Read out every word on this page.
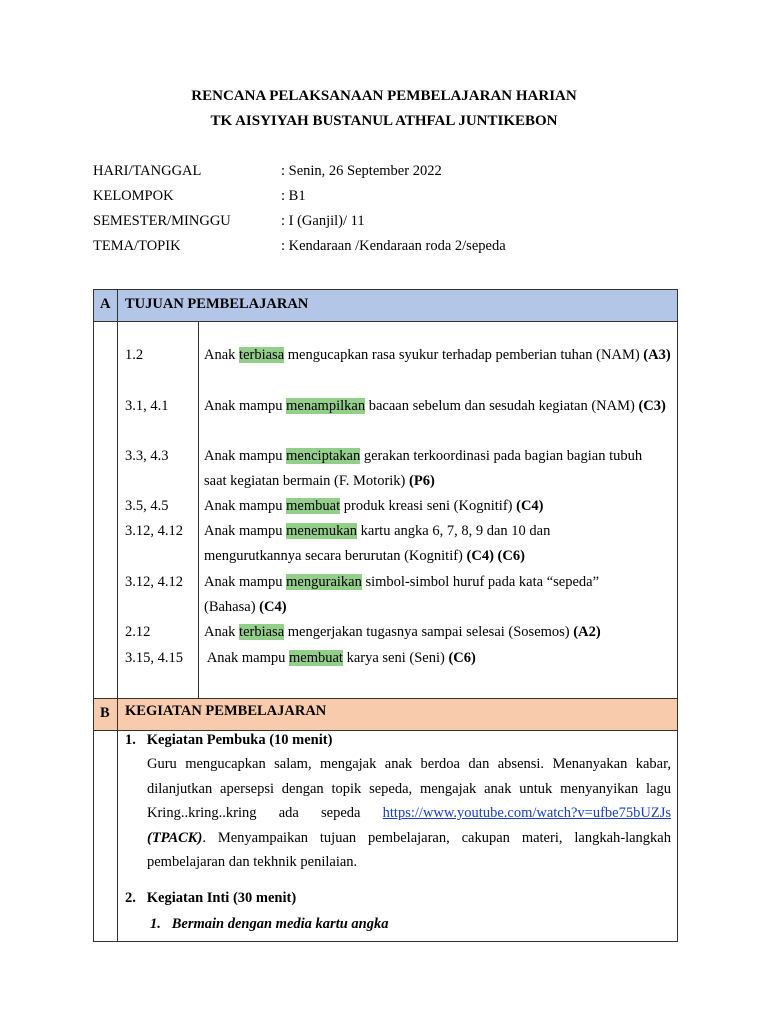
RENCANA PELAKSANAAN PEMBELAJARAN HARIAN
TK AISYIYAH BUSTANUL ATHFAL JUNTIKEBON
HARI/TANGGAL	: Senin, 26 September 2022
KELOMPOK	: B1
SEMESTER/MINGGU	: I (Ganjil)/ 11
TEMA/TOPIK	: Kendaraan /Kendaraan roda 2/sepeda
A TUJUAN PEMBELAJARAN
1.2	Anak terbiasa mengucapkan rasa syukur terhadap pemberian tuhan (NAM) (A3)
3.1, 4.1 Anak mampu menampilkan bacaan sebelum dan sesudah kegiatan (NAM) (C3)
3.3, 4.3 Anak mampu menciptakan gerakan terkoordinasi pada bagian bagian tubuh saat kegiatan bermain (F. Motorik) (P6)
3.5, 4.5 Anak mampu membuat produk kreasi seni (Kognitif) (C4)
3.12, 4.12 Anak mampu menemukan kartu angka 6, 7, 8, 9 dan 10 dan mengurutkannya secara berurutan (Kognitif) (C4) (C6)
3.12, 4.12 Anak mampu menguraikan simbol-simbol huruf pada kata “sepeda” (Bahasa) (C4)
2.12	Anak terbiasa mengerjakan tugasnya sampai selesai (Sosemos) (A2)
3.15, 4.15 Anak mampu membuat karya seni (Seni) (C6)
B KEGIATAN PEMBELAJARAN
1.   Kegiatan Pembuka (10 menit)
Guru mengucapkan salam, mengajak anak berdoa dan absensi. Menanyakan kabar, dilanjutkan apersepsi dengan topik sepeda, mengajak anak untuk menyanyikan lagu Kring..kring..kring ada sepeda https://www.youtube.com/watch?v=ufbe75bUZJs (TPACK). Menyampaikan tujuan pembelajaran, cakupan materi, langkah-langkah pembelajaran dan tekhnik penilaian.
2.   Kegiatan Inti (30 menit)
1.   Bermain dengan media kartu angka
